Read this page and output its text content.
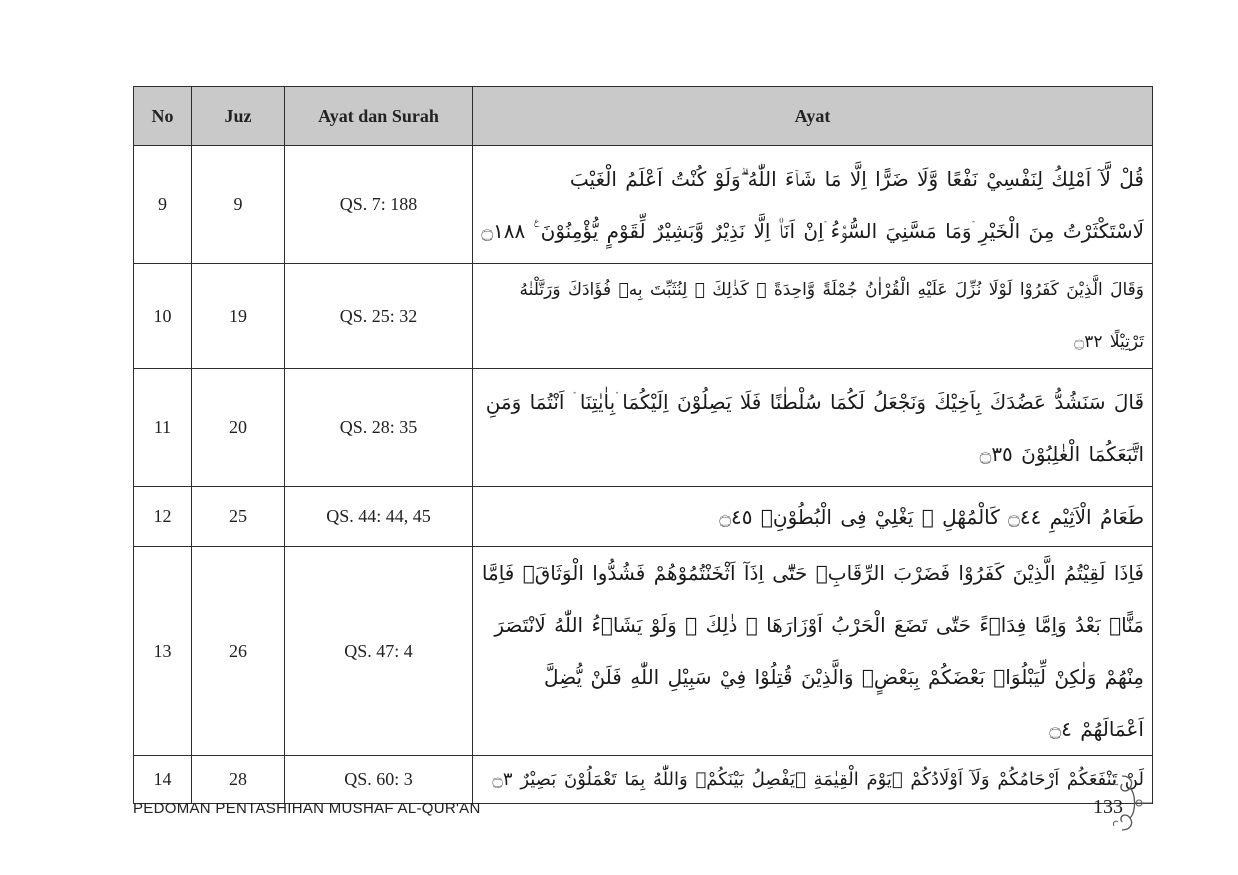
No	Juz	Ayat dan Surah	Ayat
9	9	QS. 7: 188	قُلْ لَّآ اَمْلِكُ لِنَفْسِيْ نَفْعًا وَّلَا ضَرًّا اِلَّا مَا شَاۤءَ اللّٰهُ ۗوَلَوْ كُنْتُ اَعْلَمُ الْغَيْبَ لَاسْتَكْثَرْتُ مِنَ الْخَيْرِ ۛوَمَا مَسَّنِيَ السُّوْۤءُ ۛاِنْ اَنَا۠ اِلَّا نَذِيْرٌ وَّبَشِيْرٌ لِّقَوْمٍ يُّؤْمِنُوْنَ ࣖ ۝١٨٨
10	19	QS. 25: 32	وَقَالَ الَّذِيْنَ كَفَرُوْا لَوْلَا نُزِّلَ عَلَيْهِ الْقُرْاٰنُ جُمْلَةً وَّاحِدَةً ۛ كَذٰلِكَ ۛ لِنُثَبِّتَ بِهٖ فُؤَادَكَ وَرَتَّلْنٰهُ تَرْتِيْلًا ۝٣٢
11	20	QS. 28: 35	قَالَ سَنَشُدُّ عَضُدَكَ بِاَخِيْكَ وَنَجْعَلُ لَكُمَا سُلْطٰنًا فَلَا يَصِلُوْنَ اِلَيْكُمَا ۛبِاٰيٰتِنَا ۛ اَنْتُمَا وَمَنِ اتَّبَعَكُمَا الْغٰلِبُوْنَ ۝٣٥
12	25	QS. 44: 44, 45	طَعَامُ الْاَثِيْمِ ۝٤٤ كَالْمُهْلِ ۛ يَغْلِيْ فِى الْبُطُوْنِۙ ۝٤٥
13	26	QS. 47: 4	فَاِذَا لَقِيْتُمُ الَّذِيْنَ كَفَرُوْا فَضَرْبَ الرِّقَابِۗ حَتّٰٓى اِذَآ اَثْخَنْتُمُوْهُمْ فَشُدُّوا الْوَثَاقَۖ فَاِمَّا مَنًّاۢ بَعْدُ وَاِمَّا فِدَاۤءً حَتّٰى تَضَعَ الْحَرْبُ اَوْزَارَهَا ۛ ذٰلِكَ ۛ وَلَوْ يَشَاۤءُ اللّٰهُ لَانْتَصَرَ مِنْهُمْ وَلٰكِنْ لِّيَبْلُوَا۟ بَعْضَكُمْ بِبَعْضٍۗ وَالَّذِيْنَ قُتِلُوْا فِيْ سَبِيْلِ اللّٰهِ فَلَنْ يُّضِلَّ اَعْمَالَهُمْ ۝٤
14	28	QS. 60: 3	لَنْ تَنْفَعَكُمْ اَرْحَامُكُمْ وَلَآ اَوْلَادُكُمْ ۛيَوْمَ الْقِيٰمَةِ ۛيَفْصِلُ بَيْنَكُمْۗ وَاللّٰهُ بِمَا تَعْمَلُوْنَ بَصِيْرٌ ۝٣
PEDOMAN PENTASHIHAN MUSHAF AL-QUR'AN	133
